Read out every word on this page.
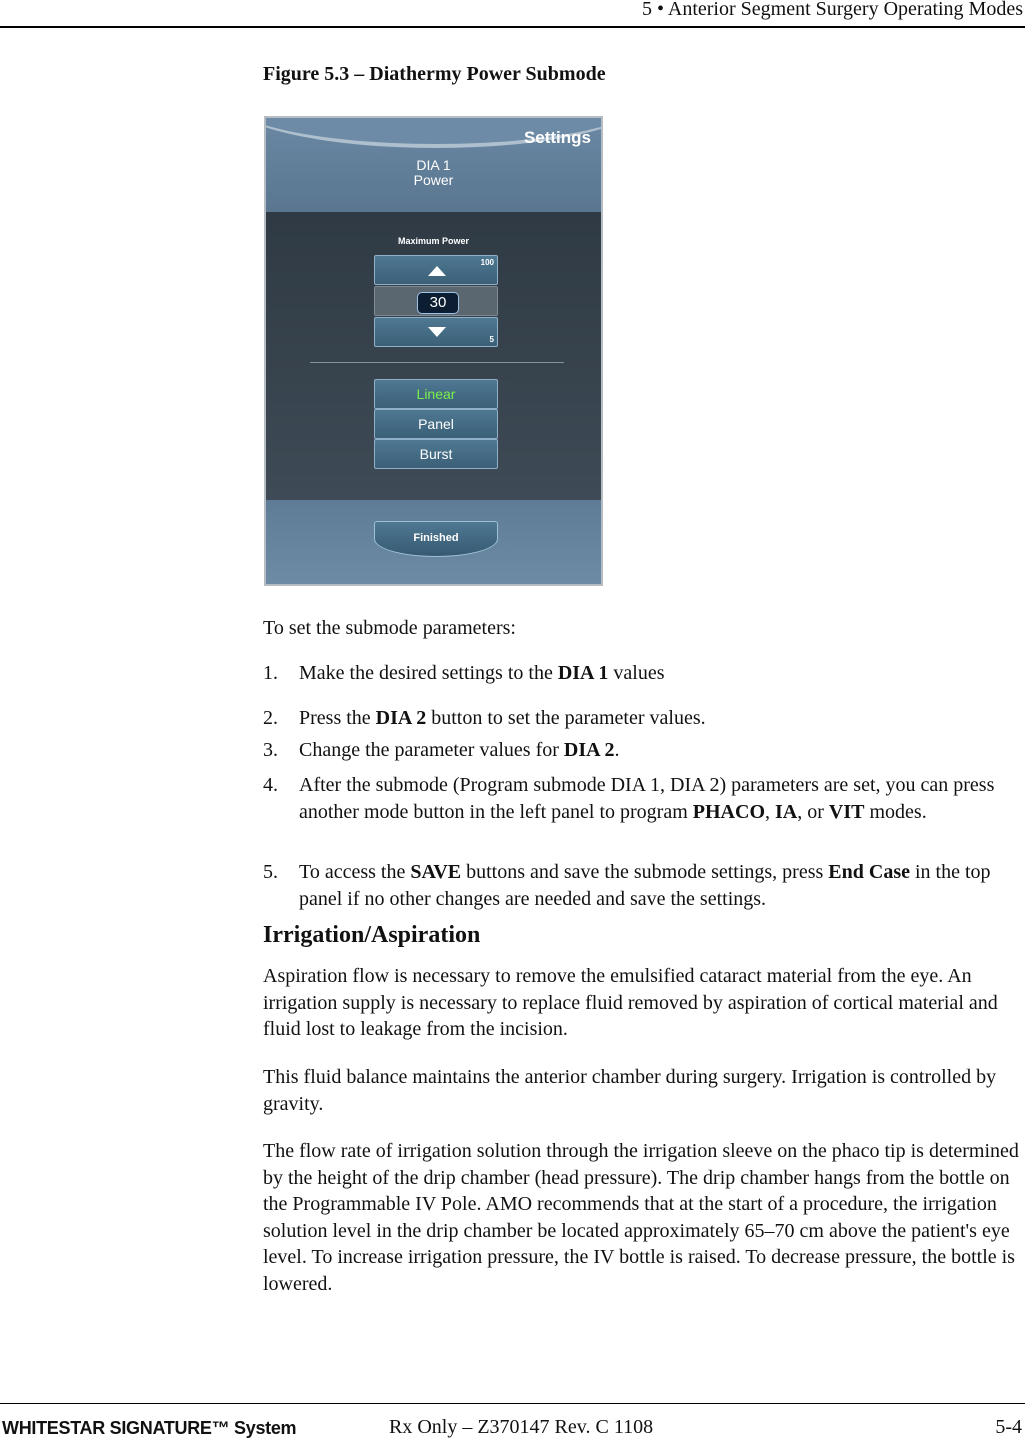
5 • Anterior Segment Surgery Operating Modes
Figure 5.3 – Diathermy Power Submode
Settings
DIA 1
Power
Maximum Power
100
30
5
Linear
Panel
Burst
Finished
To set the submode parameters:
1. Make the desired settings to the DIA 1 values
2. Press the DIA 2 button to set the parameter values.
3. Change the parameter values for DIA 2.
4. After the submode (Program submode DIA 1, DIA 2) parameters are set, you can press another mode button in the left panel to program PHACO, IA, or VIT modes.
5. To access the SAVE buttons and save the submode settings, press End Case in the top panel if no other changes are needed and save the settings.
Irrigation/Aspiration

Aspiration flow is necessary to remove the emulsified cataract material from the eye. An irrigation supply is necessary to replace fluid removed by aspiration of cortical material and fluid lost to leakage from the incision.

This fluid balance maintains the anterior chamber during surgery. Irrigation is controlled by gravity.

The flow rate of irrigation solution through the irrigation sleeve on the phaco tip is determined by the height of the drip chamber (head pressure). The drip chamber hangs from the bottle on the Programmable IV Pole. AMO recommends that at the start of a procedure, the irrigation solution level in the drip chamber be located approximately 65–70 cm above the patient's eye level. To increase irrigation pressure, the IV bottle is raised. To decrease pressure, the bottle is lowered.

WHITESTAR SIGNATURE™ System	Rx Only – Z370147 Rev. C 1108	5-4
